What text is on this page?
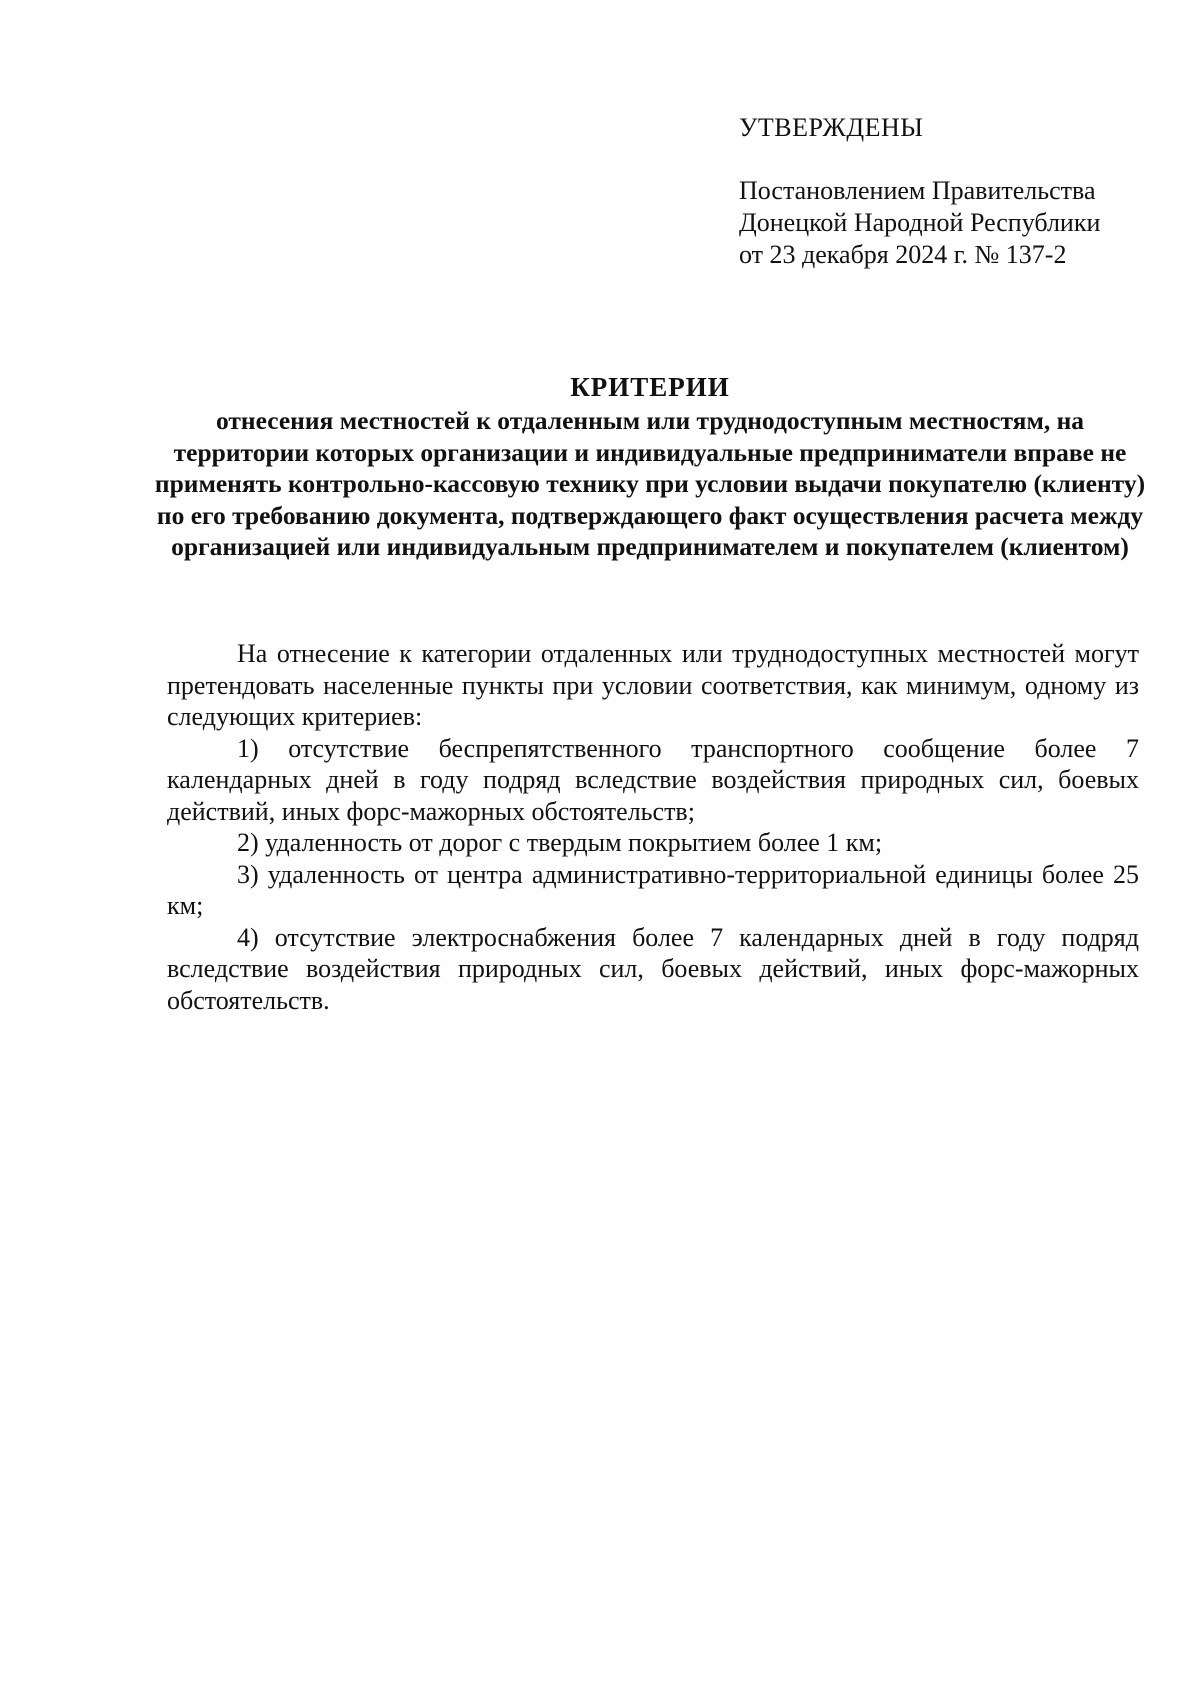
УТВЕРЖДЕНЫ
Постановлением Правительства
Донецкой Народной Республики
от 23 декабря 2024 г. № 137-2
КРИТЕРИИ
отнесения местностей к отдаленным или труднодоступным местностям, на территории которых организации и индивидуальные предприниматели вправе не применять контрольно-кассовую технику при условии выдачи покупателю (клиенту) по его требованию документа, подтверждающего факт осуществления расчета между организацией или индивидуальным предпринимателем и покупателем (клиентом)

На отнесение к категории отдаленных или труднодоступных местностей могут претендовать населенные пункты при условии соответствия, как минимум, одному из следующих критериев:

1) отсутствие беспрепятственного транспортного сообщение более 7 календарных дней в году подряд вследствие воздействия природных сил, боевых действий, иных форс-мажорных обстоятельств;

2) удаленность от дорог с твердым покрытием более 1 км;

3) удаленность от центра административно-территориальной единицы более 25 км;

4) отсутствие электроснабжения более 7 календарных дней в году подряд вследствие воздействия природных сил, боевых действий, иных форс-мажорных обстоятельств.
